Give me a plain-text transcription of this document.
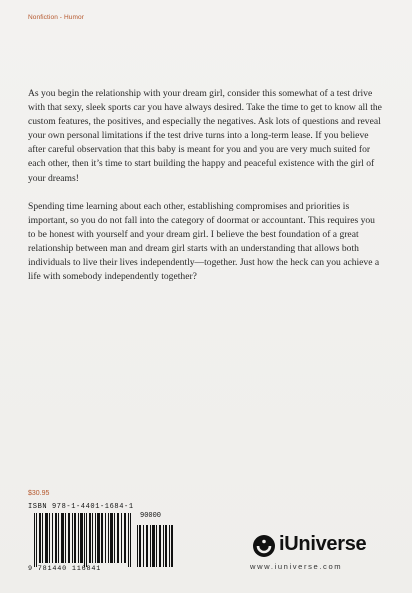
Nonfiction - Humor

As you begin the relationship with your dream girl, consider this somewhat of a test drive with that sexy, sleek sports car you have always desired. Take the time to get to know all the custom features, the positives, and especially the negatives. Ask lots of questions and reveal your own personal limitations if the test drive turns into a long-term lease. If you believe after careful observation that this baby is meant for you and you are very much suited for each other, then it’s time to start building the happy and peaceful existence with the girl of your dreams!

Spending time learning about each other, establishing compromises and priorities is important, so you do not fall into the category of doormat or accountant. This requires you to be honest with yourself and your dream girl. I believe the best foundation of a great relationship between man and dream girl starts with an understanding that allows both individuals to live their lives independently—together. Just how the heck can you achieve a life with somebody independently together?

$30.95
ISBN 978-1-4401-1684-1
90000
9 781440 116841
iUniverse
www.iuniverse.com
